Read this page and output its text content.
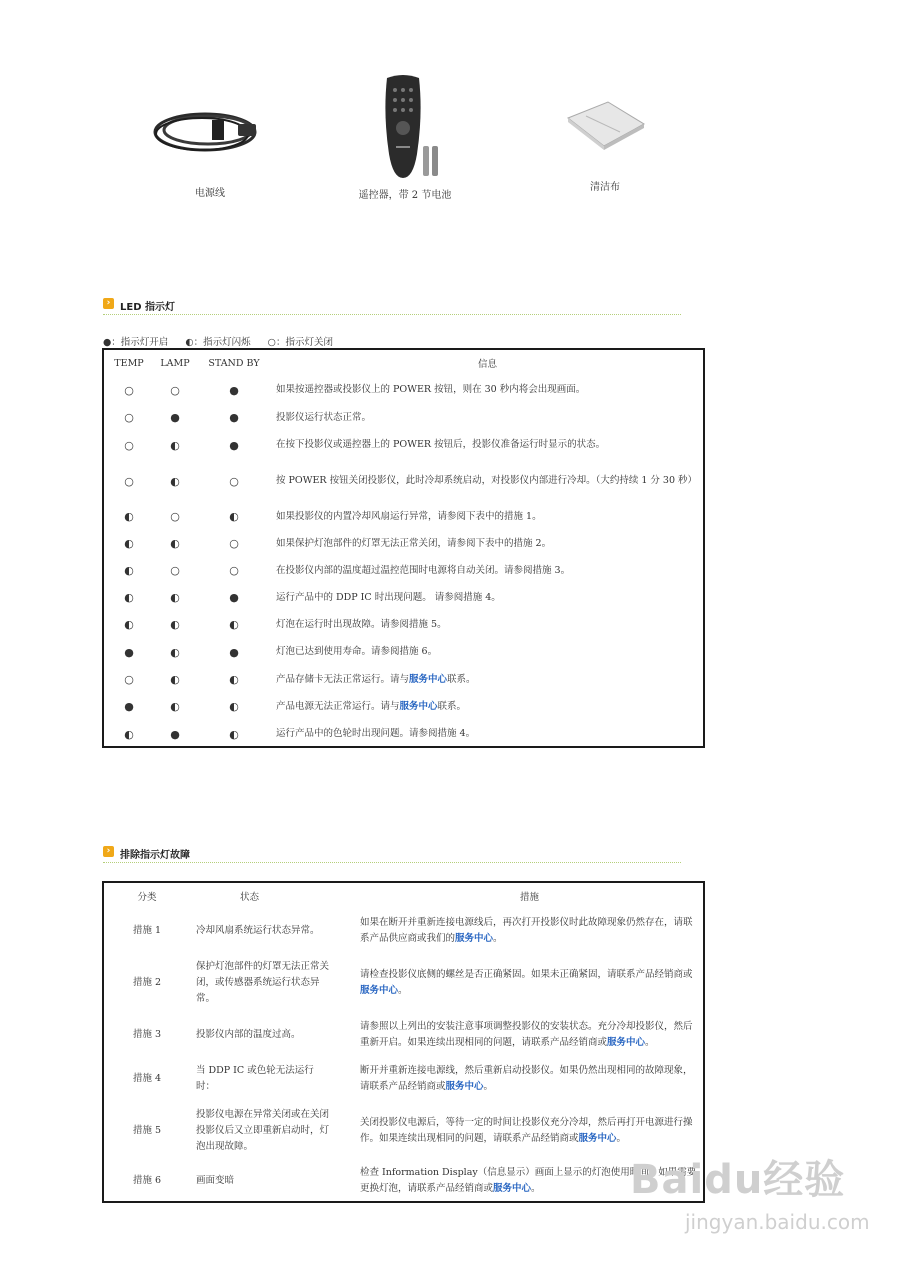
电源线	遥控器，带 2 节电池
清洁布
› LED 指示灯
●：指示灯开启 ◐：指示灯闪烁 ○：指示灯关闭
TEMP	LAMP	STAND BY	信息
○	○	●	如果按遥控器或投影仪上的 POWER 按钮，则在 30 秒内将会出现画面。
○	●	●	投影仪运行状态正常。
○	◐	●	在按下投影仪或遥控器上的 POWER 按钮后，投影仪准备运行时显示的状态。
○	◐	○	按 POWER 按钮关闭投影仪，此时冷却系统启动，对投影仪内部进行冷却。（大约持续 1 分 30 秒）
◐	○	◐	如果投影仪的内置冷却风扇运行异常，请参阅下表中的措施 1。
◐	◐	○	如果保护灯泡部件的灯罩无法正常关闭，请参阅下表中的措施 2。
◐	○	○	在投影仪内部的温度超过温控范围时电源将自动关闭。请参阅措施 3。
◐	◐	●	运行产品中的 DDP IC 时出现问题。 请参阅措施 4。
◐	◐	◐	灯泡在运行时出现故障。请参阅措施 5。
●	◐	●	灯泡已达到使用寿命。请参阅措施 6。
○	◐	◐	产品存储卡无法正常运行。请与服务中心联系。
●	◐	◐	产品电源无法正常运行。请与服务中心联系。
◐	●	◐	运行产品中的色轮时出现问题。请参阅措施 4。
› 排除指示灯故障
分类	状态	措施
措施 1	冷却风扇系统运行状态异常。	如果在断开并重新连接电源线后，再次打开投影仪时此故障现象仍然存在，请联系产品供应商或我们的服务中心。
措施 2	保护灯泡部件的灯罩无法正常关闭，或传感器系统运行状态异常。	请检查投影仪底侧的螺丝是否正确紧固。如果未正确紧固，请联系产品经销商或服务中心。
措施 3	投影仪内部的温度过高。	请参照以上列出的安装注意事项调整投影仪的安装状态。充分冷却投影仪，然后重新开启。如果连续出现相同的问题，请联系产品经销商或服务中心。
措施 4	当 DDP IC 或色轮无法运行时：	断开并重新连接电源线，然后重新启动投影仪。如果仍然出现相同的故障现象，请联系产品经销商或服务中心。
措施 5	投影仪电源在异常关闭或在关闭投影仪后又立即重新启动时，灯泡出现故障。	关闭投影仪电源后，等待一定的时间让投影仪充分冷却，然后再打开电源进行操作。如果连续出现相同的问题，请联系产品经销商或服务中心。
措施 6	画面变暗	检查 Information Display（信息显示）画面上显示的灯泡使用时间。如果需要更换灯泡，请联系产品经销商或服务中心。 Baidu经验
jingyan.baidu.com
